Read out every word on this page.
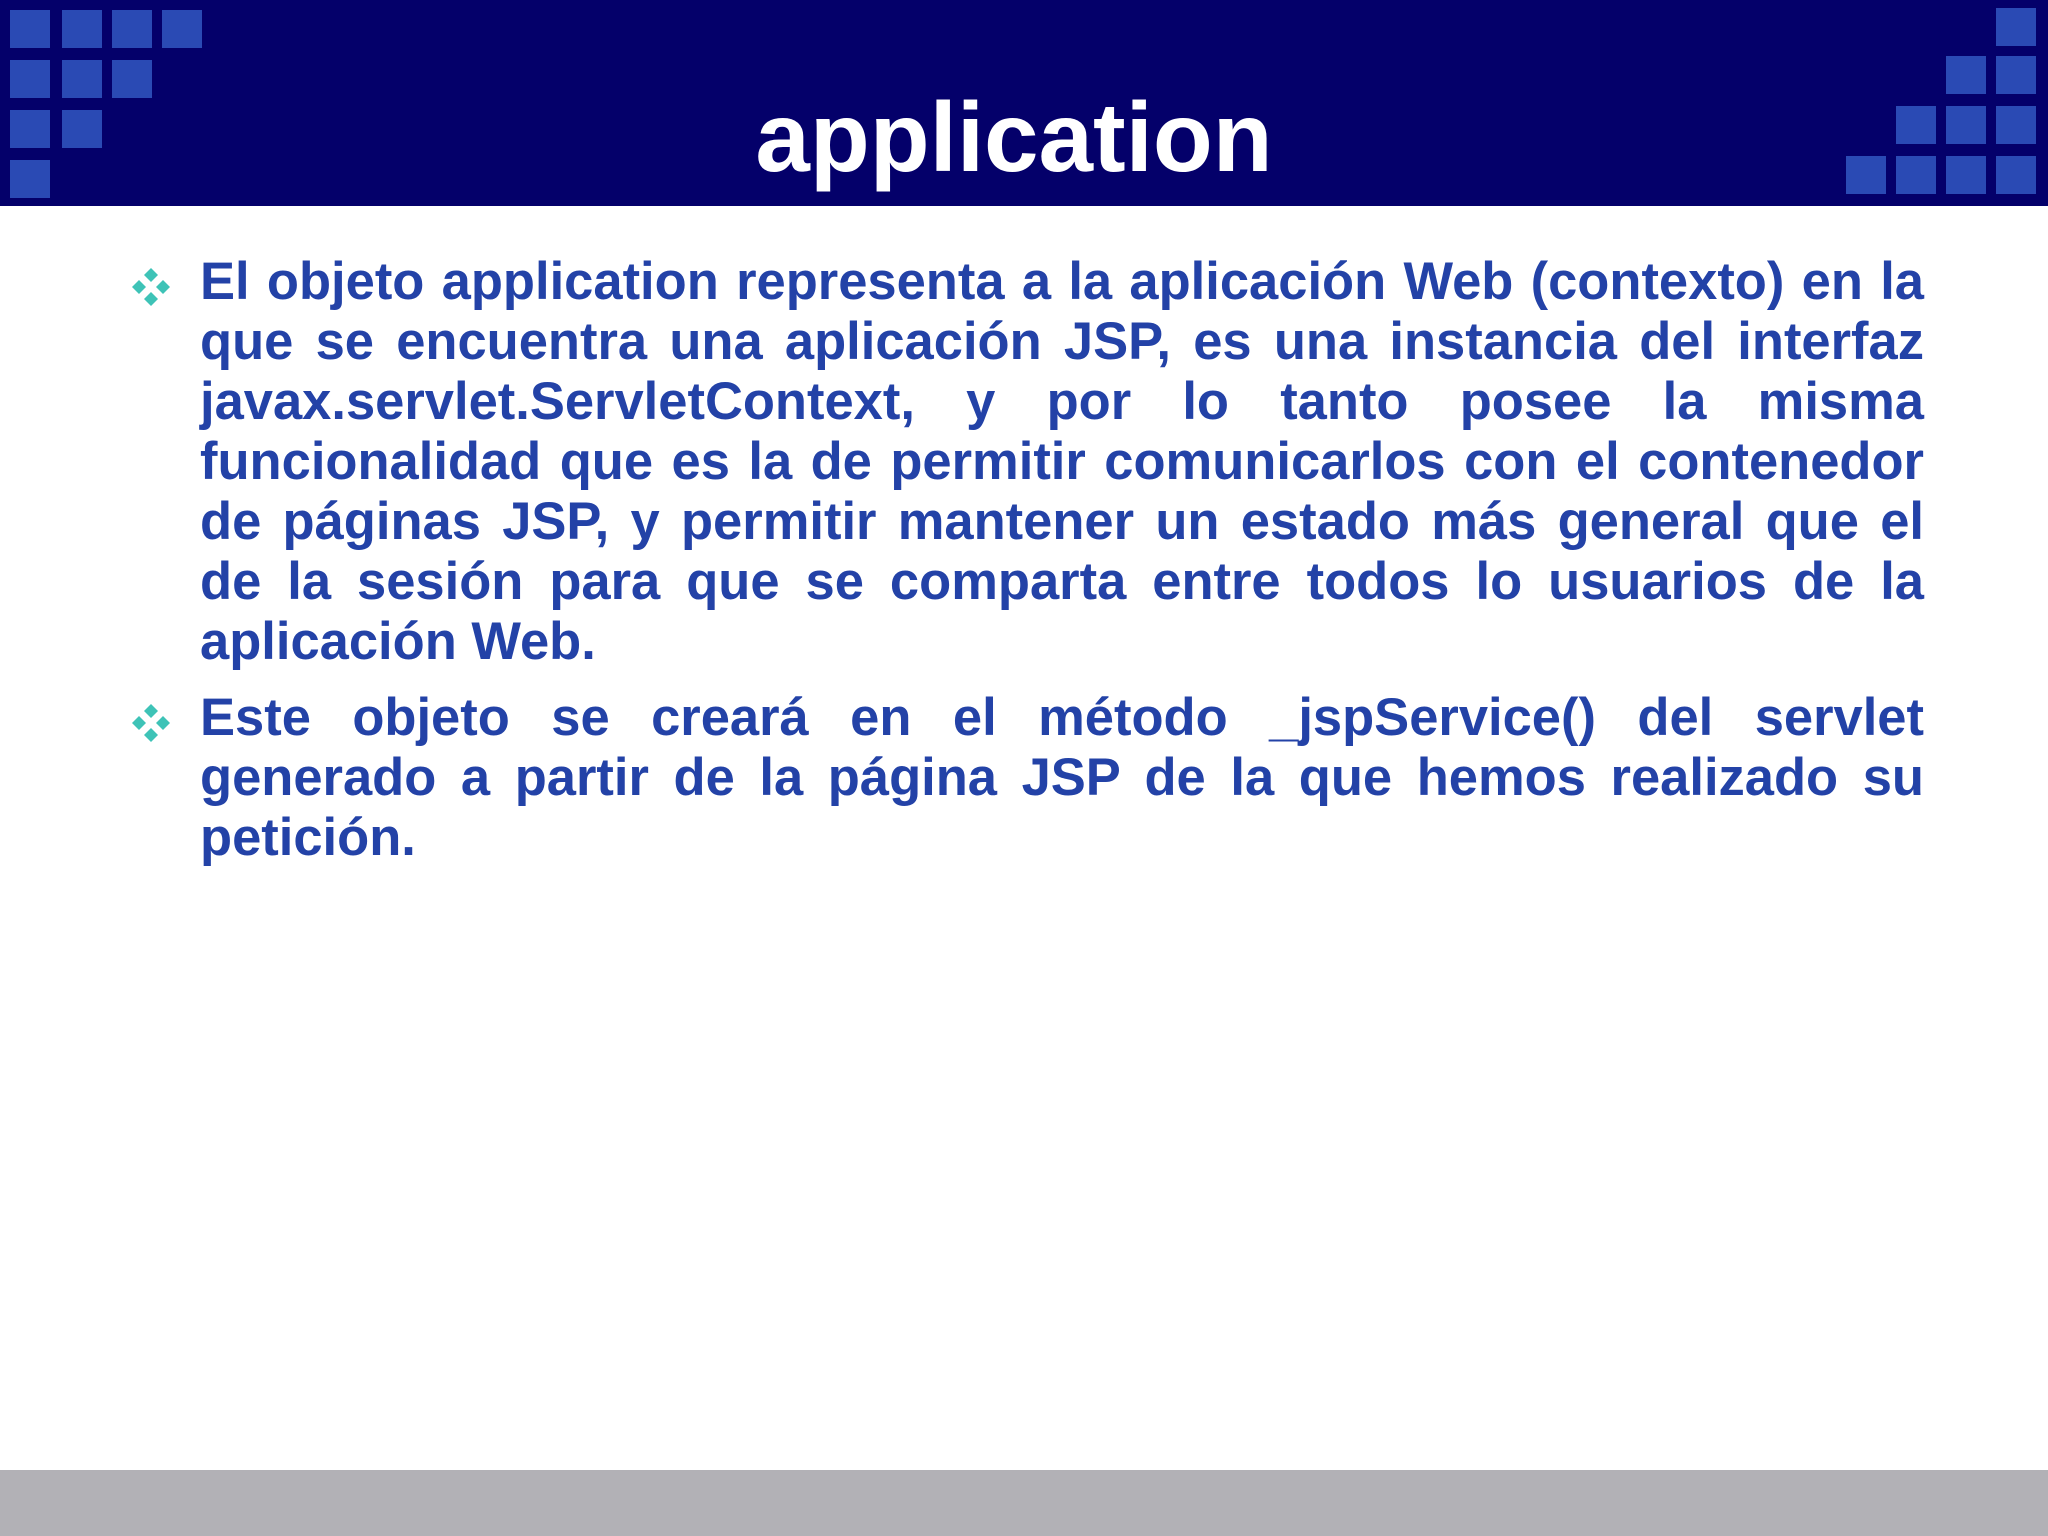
application

El objeto application representa a la aplicación Web (contexto) en la que se encuentra una aplicación JSP, es una instancia del interfaz javax.servlet.ServletContext, y por lo tanto posee la misma funcionalidad que es la de permitir comunicarlos con el contenedor de páginas JSP, y permitir mantener un estado más general que el de la sesión para que se comparta entre todos lo usuarios de la aplicación Web.

Este objeto se creará en el método _jspService() del servlet generado a partir de la página JSP de la que hemos realizado su petición.
